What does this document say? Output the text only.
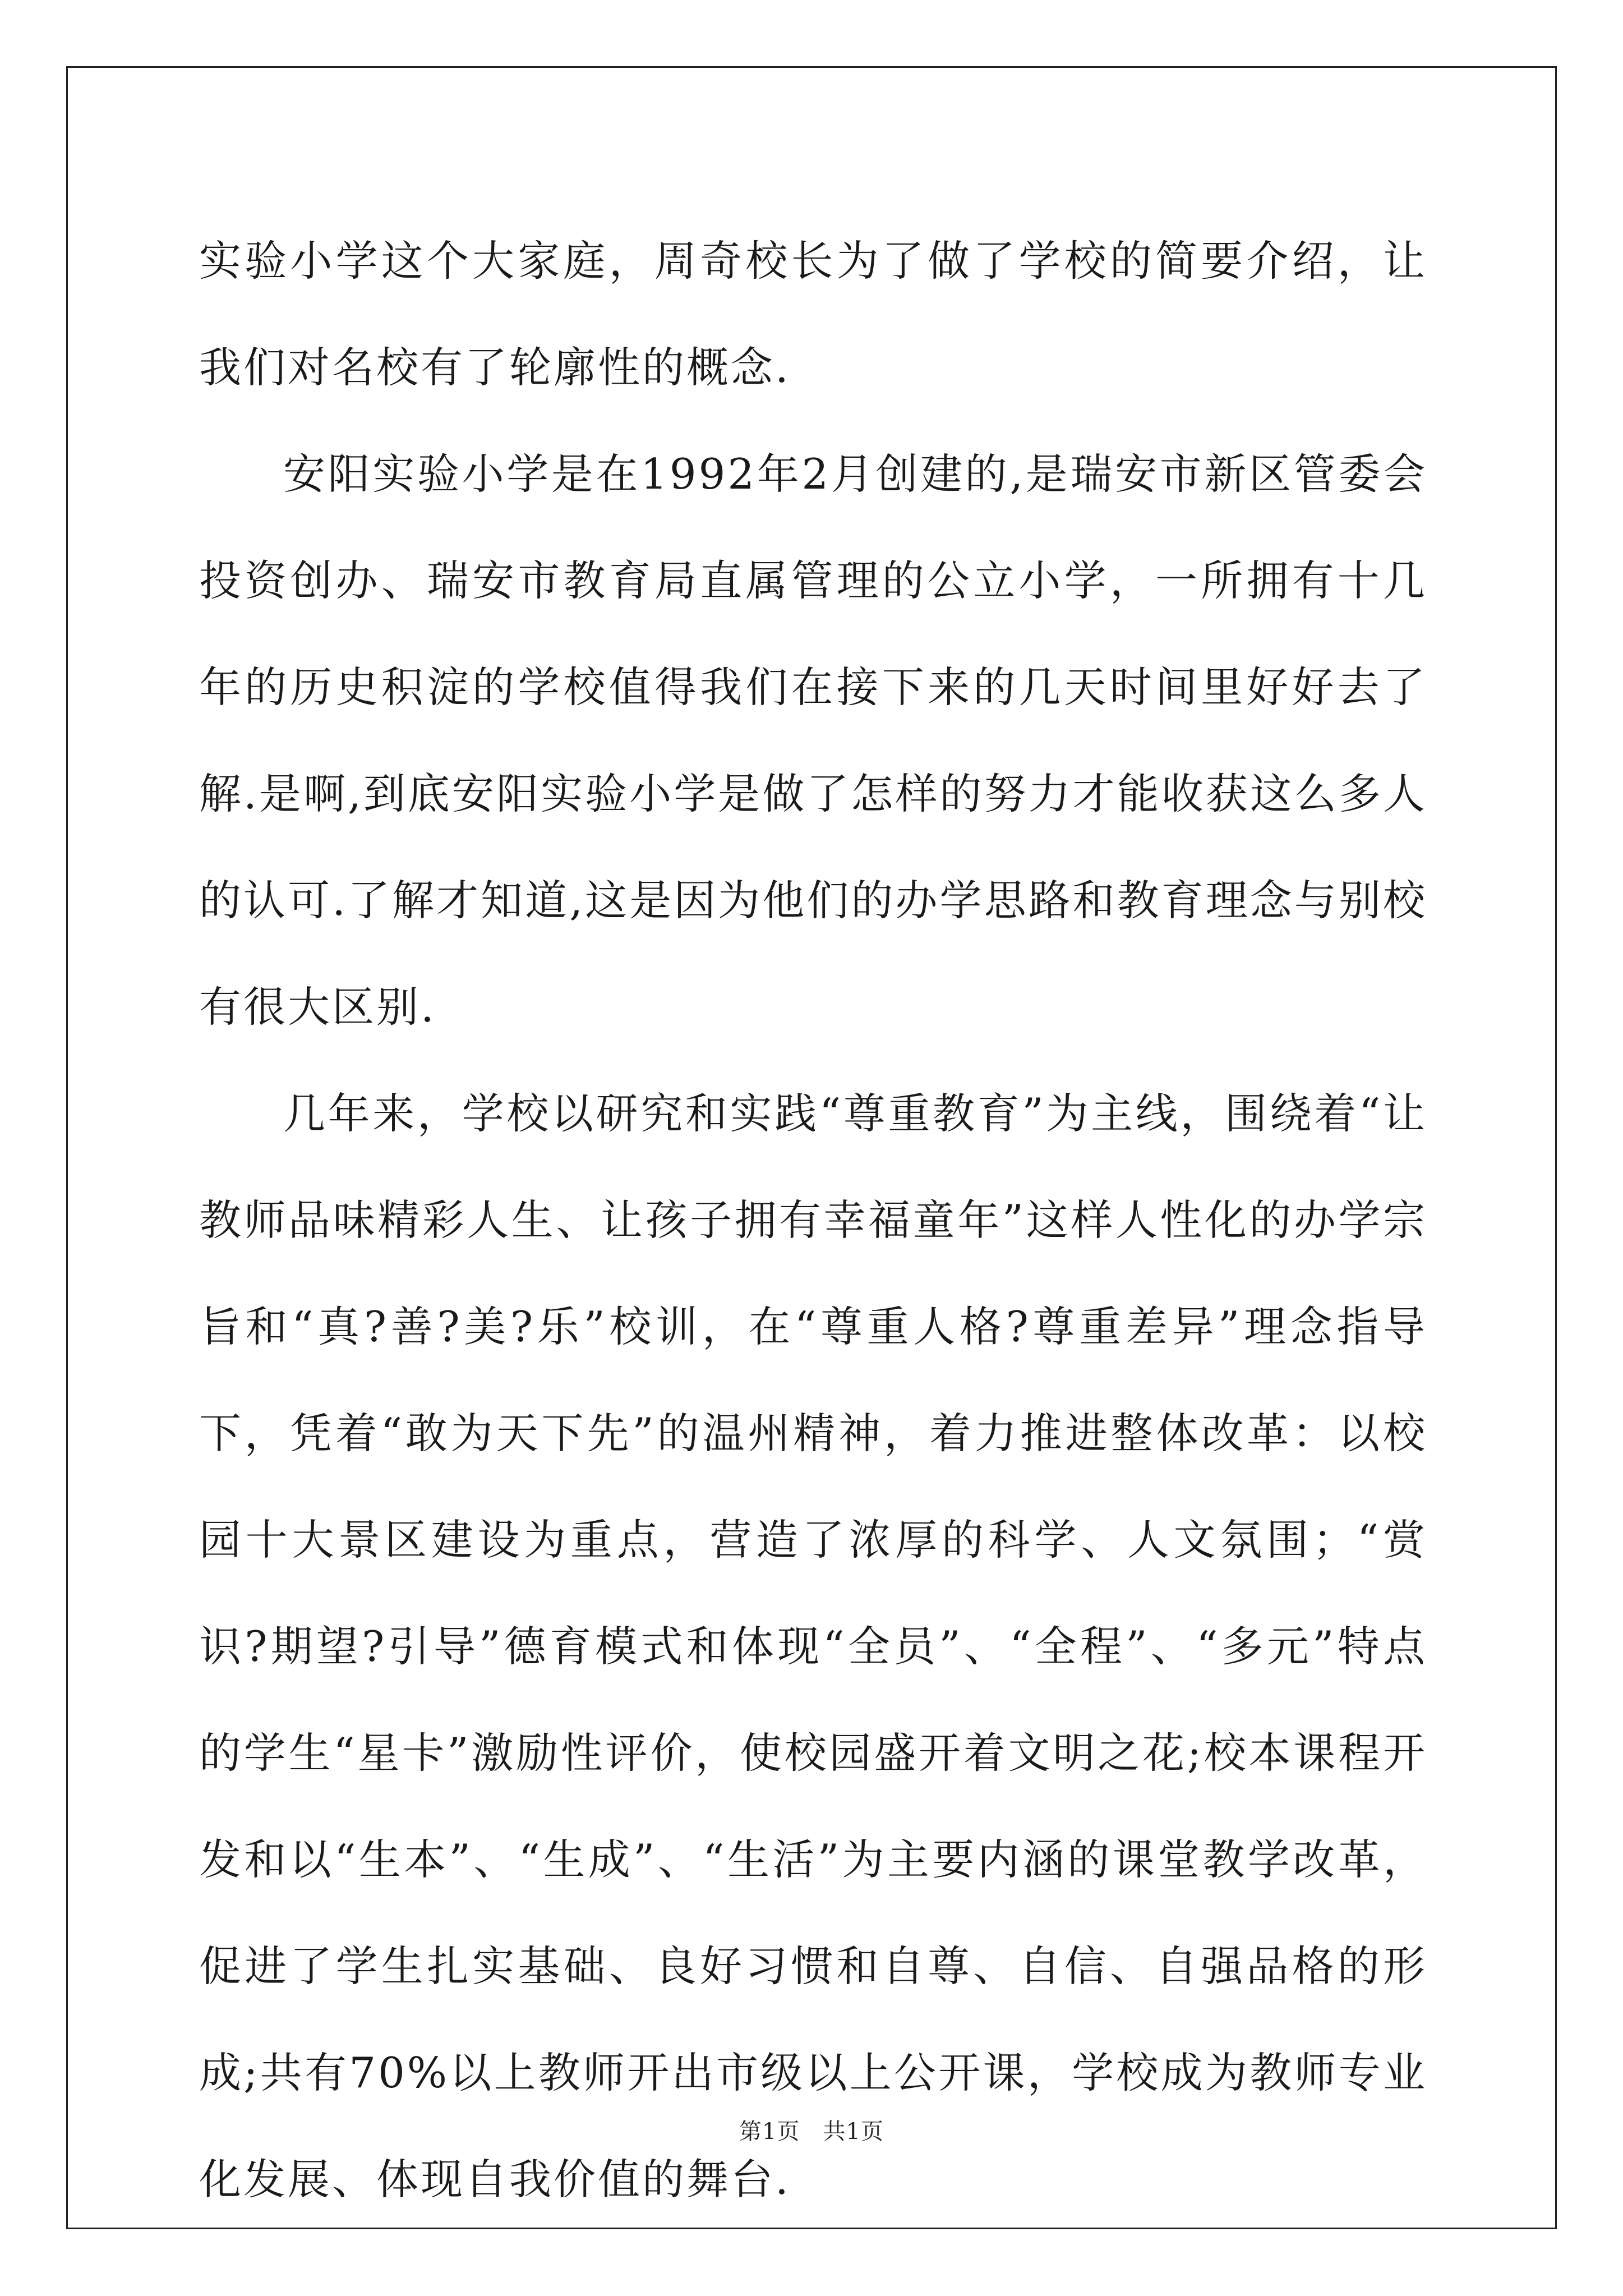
实验小学这个大家庭，周奇校长为了做了学校的简要介绍，让我们对名校有了轮廓性的概念.

安阳实验小学是在1992年2月创建的,是瑞安市新区管委会投资创办、瑞安市教育局直属管理的公立小学，一所拥有十几年的历史积淀的学校值得我们在接下来的几天时间里好好去了解.是啊,到底安阳实验小学是做了怎样的努力才能收获这么多人的认可.了解才知道,这是因为他们的办学思路和教育理念与别校有很大区别.

几年来，学校以研究和实践“尊重教育”为主线，围绕着“让教师品味精彩人生、让孩子拥有幸福童年”这样人性化的办学宗旨和“真?善?美?乐”校训，在“尊重人格?尊重差异”理念指导下，凭着“敢为天下先”的温州精神，着力推进整体改革：以校园十大景区建设为重点，营造了浓厚的科学、人文氛围；“赏识?期望?引导”德育模式和体现“全员”、“全程”、“多元”特点的学生“星卡”激励性评价，使校园盛开着文明之花;校本课程开发和以“生本”、“生成”、“生活”为主要内涵的课堂教学改革，促进了学生扎实基础、良好习惯和自尊、自信、自强品格的形成;共有70%以上教师开出市级以上公开课，学校成为教师专业化发展、体现自我价值的舞台.

第1页　共1页
